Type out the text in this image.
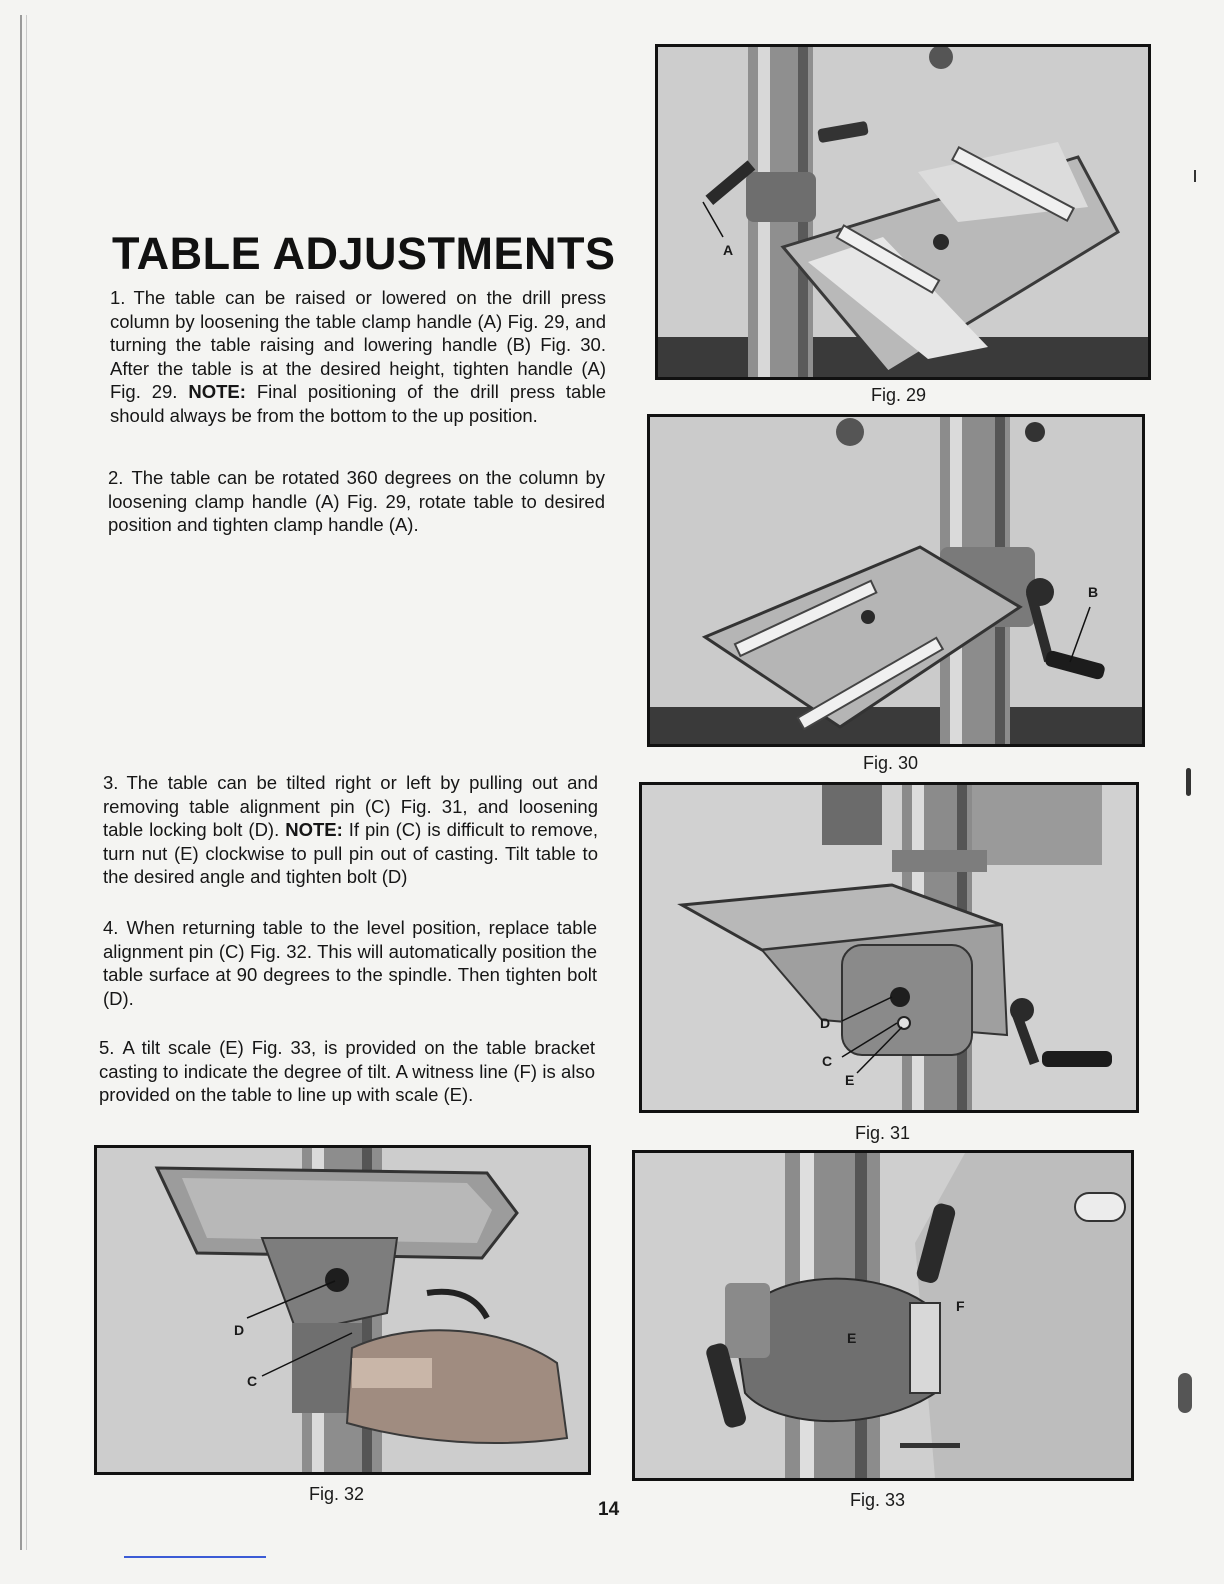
TABLE ADJUSTMENTS

1. The table can be raised or lowered on the drill press column by loosening the table clamp handle (A) Fig. 29, and turning the table raising and lowering handle (B) Fig. 30. After the table is at the desired height, tighten handle (A) Fig. 29. NOTE: Final positioning of the drill press table should always be from the bottom to the up position.

2. The table can be rotated 360 degrees on the column by loosening clamp handle (A) Fig. 29, rotate table to desired position and tighten clamp handle (A).

3. The table can be tilted right or left by pulling out and removing table alignment pin (C) Fig. 31, and loosening table locking bolt (D). NOTE: If pin (C) is difficult to remove, turn nut (E) clockwise to pull pin out of casting. Tilt table to the desired angle and tighten bolt (D)

4. When returning table to the level position, replace table alignment pin (C) Fig. 32. This will automatically position the table surface at 90 degrees to the spindle. Then tighten bolt (D).

5. A tilt scale (E) Fig. 33, is provided on the table bracket casting to indicate the degree of tilt. A witness line (F) is also provided on the table to line up with scale (E).

A

Fig. 29

B

Fig. 30

D
C
E

Fig. 31

D
C

Fig. 32

F
E

Fig. 33

14
